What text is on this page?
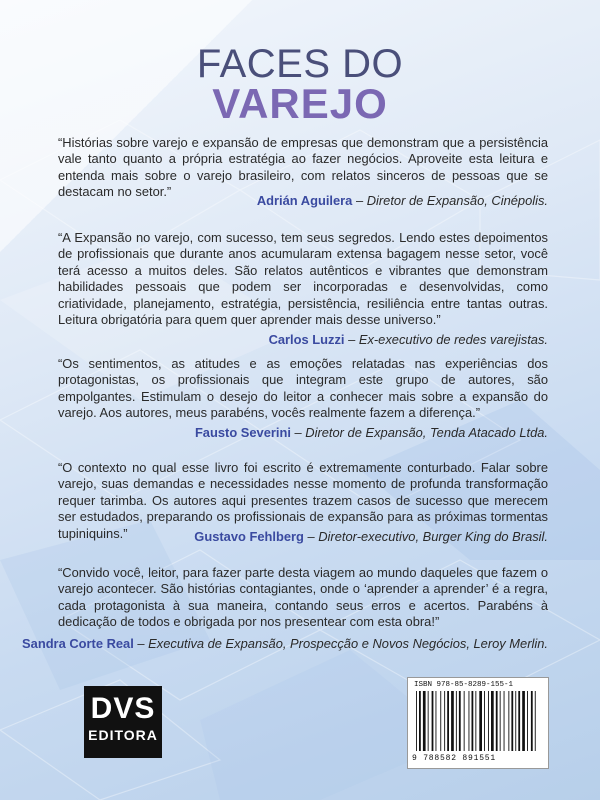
FACES DO
VAREJO
“Histórias sobre varejo e expansão de empresas que demonstram que a persistência vale tanto quanto a própria estratégia ao fazer negócios. Aproveite esta leitura e entenda mais sobre o varejo brasileiro, com relatos sinceros de pessoas que se destacam no setor.”
Adrián Aguilera – Diretor de Expansão, Cinépolis.
“A Expansão no varejo, com sucesso, tem seus segredos. Lendo estes depoimentos de profissionais que durante anos acumularam extensa bagagem nesse setor, você terá acesso a muitos deles. São relatos autênticos e vibrantes que demonstram habilidades pessoais que podem ser incorporadas e desenvolvidas, como criatividade, planejamento, estratégia, persistência, resiliência entre tantas outras. Leitura obrigatória para quem quer aprender mais desse universo.”
Carlos Luzzi – Ex-executivo de redes varejistas.
“Os sentimentos, as atitudes e as emoções relatadas nas experiências dos protagonistas, os profissionais que integram este grupo de autores, são empolgantes. Estimulam o desejo do leitor a conhecer mais sobre a expansão do varejo. Aos autores, meus parabéns, vocês realmente fazem a diferença.”
Fausto Severini – Diretor de Expansão, Tenda Atacado Ltda.
“O contexto no qual esse livro foi escrito é extremamente conturbado. Falar sobre varejo, suas demandas e necessidades nesse momento de profunda transformação requer tarimba. Os autores aqui presentes trazem casos de sucesso que merecem ser estudados, preparando os profissionais de expansão para as próximas tormentas tupiniquins.”	Gustavo Fehlberg – Diretor-executivo, Burger King do Brasil.
“Convido você, leitor, para fazer parte desta viagem ao mundo daqueles que fazem o varejo acontecer. São histórias contagiantes, onde o ‘aprender a aprender’ é a regra, cada protagonista à sua maneira, contando seus erros e acertos. Parabéns à dedicação de todos e obrigada por nos presentear com esta obra!”
Sandra Corte Real – Executiva de Expansão, Prospecção e Novos Negócios, Leroy Merlin.
DVS
EDITORA
ISBN 978-85-8289-155-1
9 788582 891551
